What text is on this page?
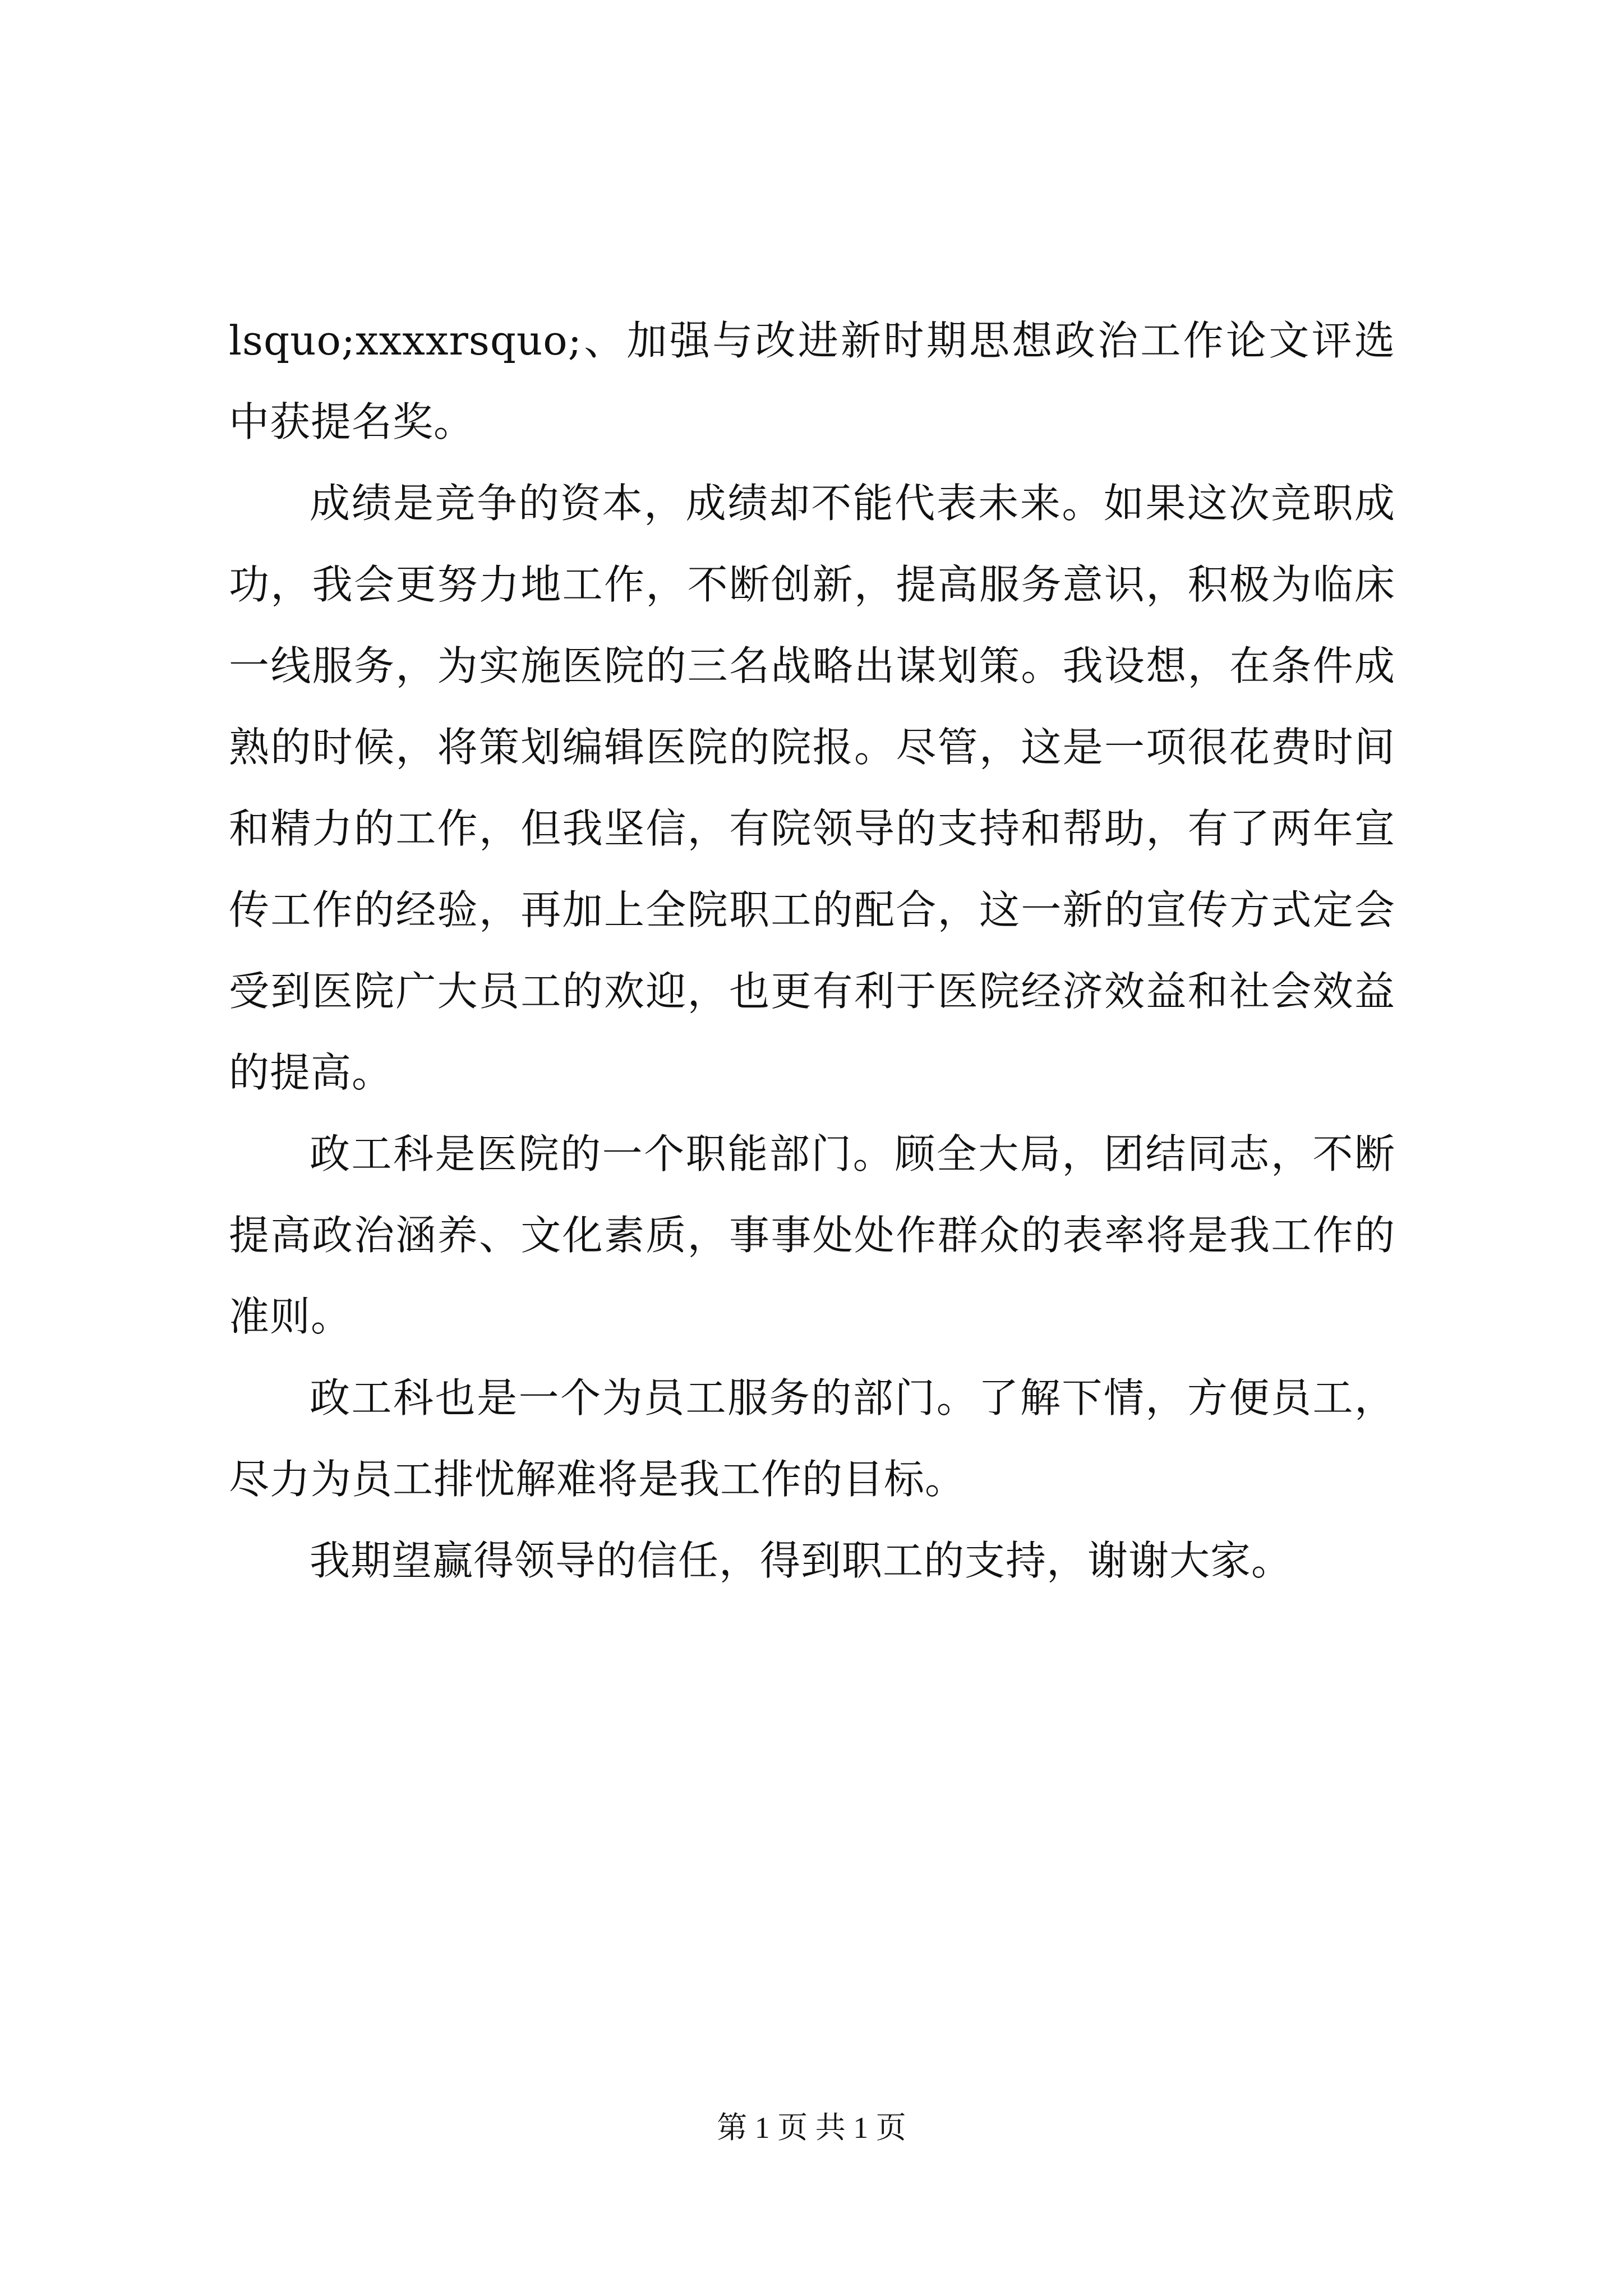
lsquo;xxxxrsquo;、加强与改进新时期思想政治工作论文评选中获提名奖。

成绩是竞争的资本，成绩却不能代表未来。如果这次竞职成功，我会更努力地工作，不断创新，提高服务意识，积极为临床一线服务，为实施医院的三名战略出谋划策。我设想，在条件成熟的时候，将策划编辑医院的院报。尽管，这是一项很花费时间和精力的工作，但我坚信，有院领导的支持和帮助，有了两年宣传工作的经验，再加上全院职工的配合，这一新的宣传方式定会受到医院广大员工的欢迎，也更有利于医院经济效益和社会效益的提高。

政工科是医院的一个职能部门。顾全大局，团结同志，不断提高政治涵养、文化素质，事事处处作群众的表率将是我工作的准则。

政工科也是一个为员工服务的部门。了解下情，方便员工，尽力为员工排忧解难将是我工作的目标。

我期望赢得领导的信任，得到职工的支持，谢谢大家。

第 1 页 共 1 页
